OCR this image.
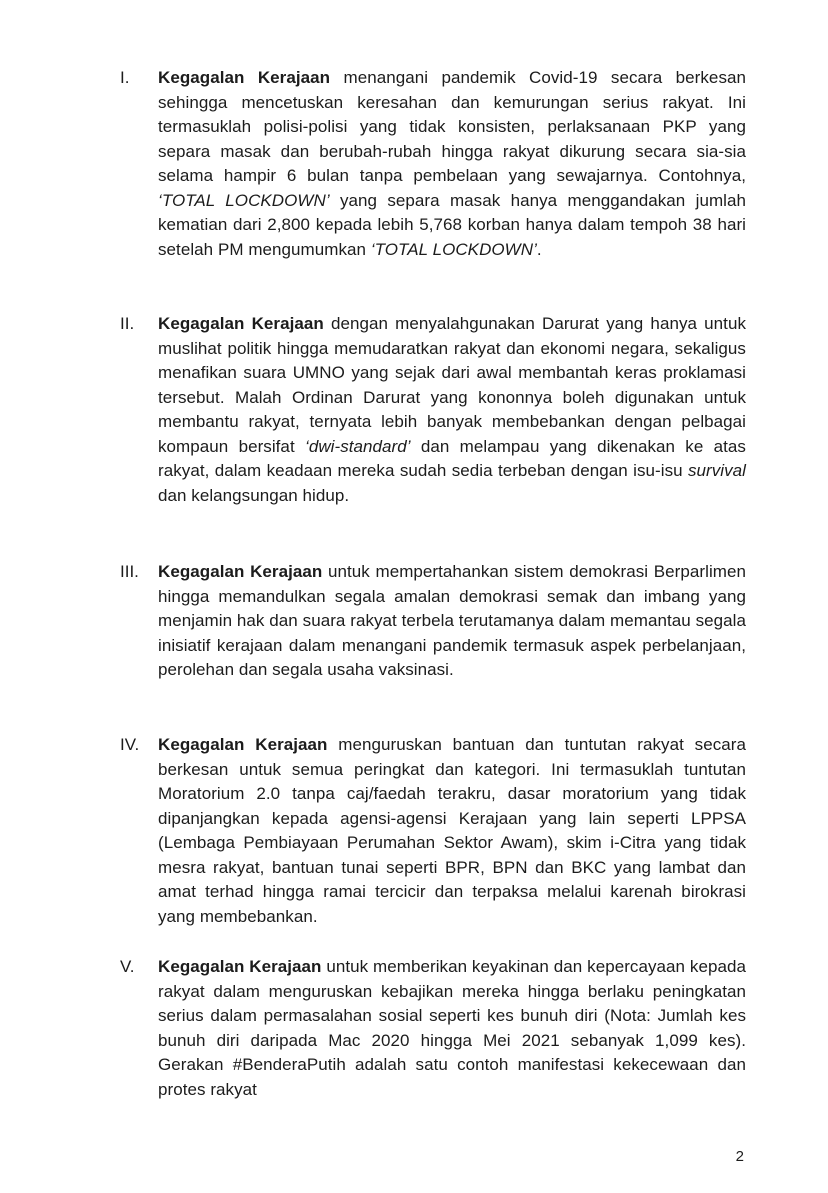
I. Kegagalan Kerajaan menangani pandemik Covid-19 secara berkesan sehingga mencetuskan keresahan dan kemurungan serius rakyat. Ini termasuklah polisi-polisi yang tidak konsisten, perlaksanaan PKP yang separa masak dan berubah-rubah hingga rakyat dikurung secara sia-sia selama hampir 6 bulan tanpa pembelaan yang sewajarnya. Contohnya, ‘TOTAL LOCKDOWN’ yang separa masak hanya menggandakan jumlah kematian dari 2,800 kepada lebih 5,768 korban hanya dalam tempoh 38 hari setelah PM mengumumkan ‘TOTAL LOCKDOWN’.
II. Kegagalan Kerajaan dengan menyalahgunakan Darurat yang hanya untuk muslihat politik hingga memudaratkan rakyat dan ekonomi negara, sekaligus menafikan suara UMNO yang sejak dari awal membantah keras proklamasi tersebut. Malah Ordinan Darurat yang kononnya boleh digunakan untuk membantu rakyat, ternyata lebih banyak membebankan dengan pelbagai kompaun bersifat ‘dwi-standard’ dan melampau yang dikenakan ke atas rakyat, dalam keadaan mereka sudah sedia terbeban dengan isu-isu survival dan kelangsungan hidup.
III. Kegagalan Kerajaan untuk mempertahankan sistem demokrasi Berparlimen hingga memandulkan segala amalan demokrasi semak dan imbang yang menjamin hak dan suara rakyat terbela terutamanya dalam memantau segala inisiatif kerajaan dalam menangani pandemik termasuk aspek perbelanjaan, perolehan dan segala usaha vaksinasi.
IV. Kegagalan Kerajaan menguruskan bantuan dan tuntutan rakyat secara berkesan untuk semua peringkat dan kategori. Ini termasuklah tuntutan Moratorium 2.0 tanpa caj/faedah terakru, dasar moratorium yang tidak dipanjangkan kepada agensi-agensi Kerajaan yang lain seperti LPPSA (Lembaga Pembiayaan Perumahan Sektor Awam), skim i-Citra yang tidak mesra rakyat, bantuan tunai seperti BPR, BPN dan BKC yang lambat dan amat terhad hingga ramai tercicir dan terpaksa melalui karenah birokrasi yang membebankan.
V. Kegagalan Kerajaan untuk memberikan keyakinan dan kepercayaan kepada rakyat dalam menguruskan kebajikan mereka hingga berlaku peningkatan serius dalam permasalahan sosial seperti kes bunuh diri (Nota: Jumlah kes bunuh diri daripada Mac 2020 hingga Mei 2021 sebanyak 1,099 kes). Gerakan #BenderaPutih adalah satu contoh manifestasi kekecewaan dan protes rakyat
2
